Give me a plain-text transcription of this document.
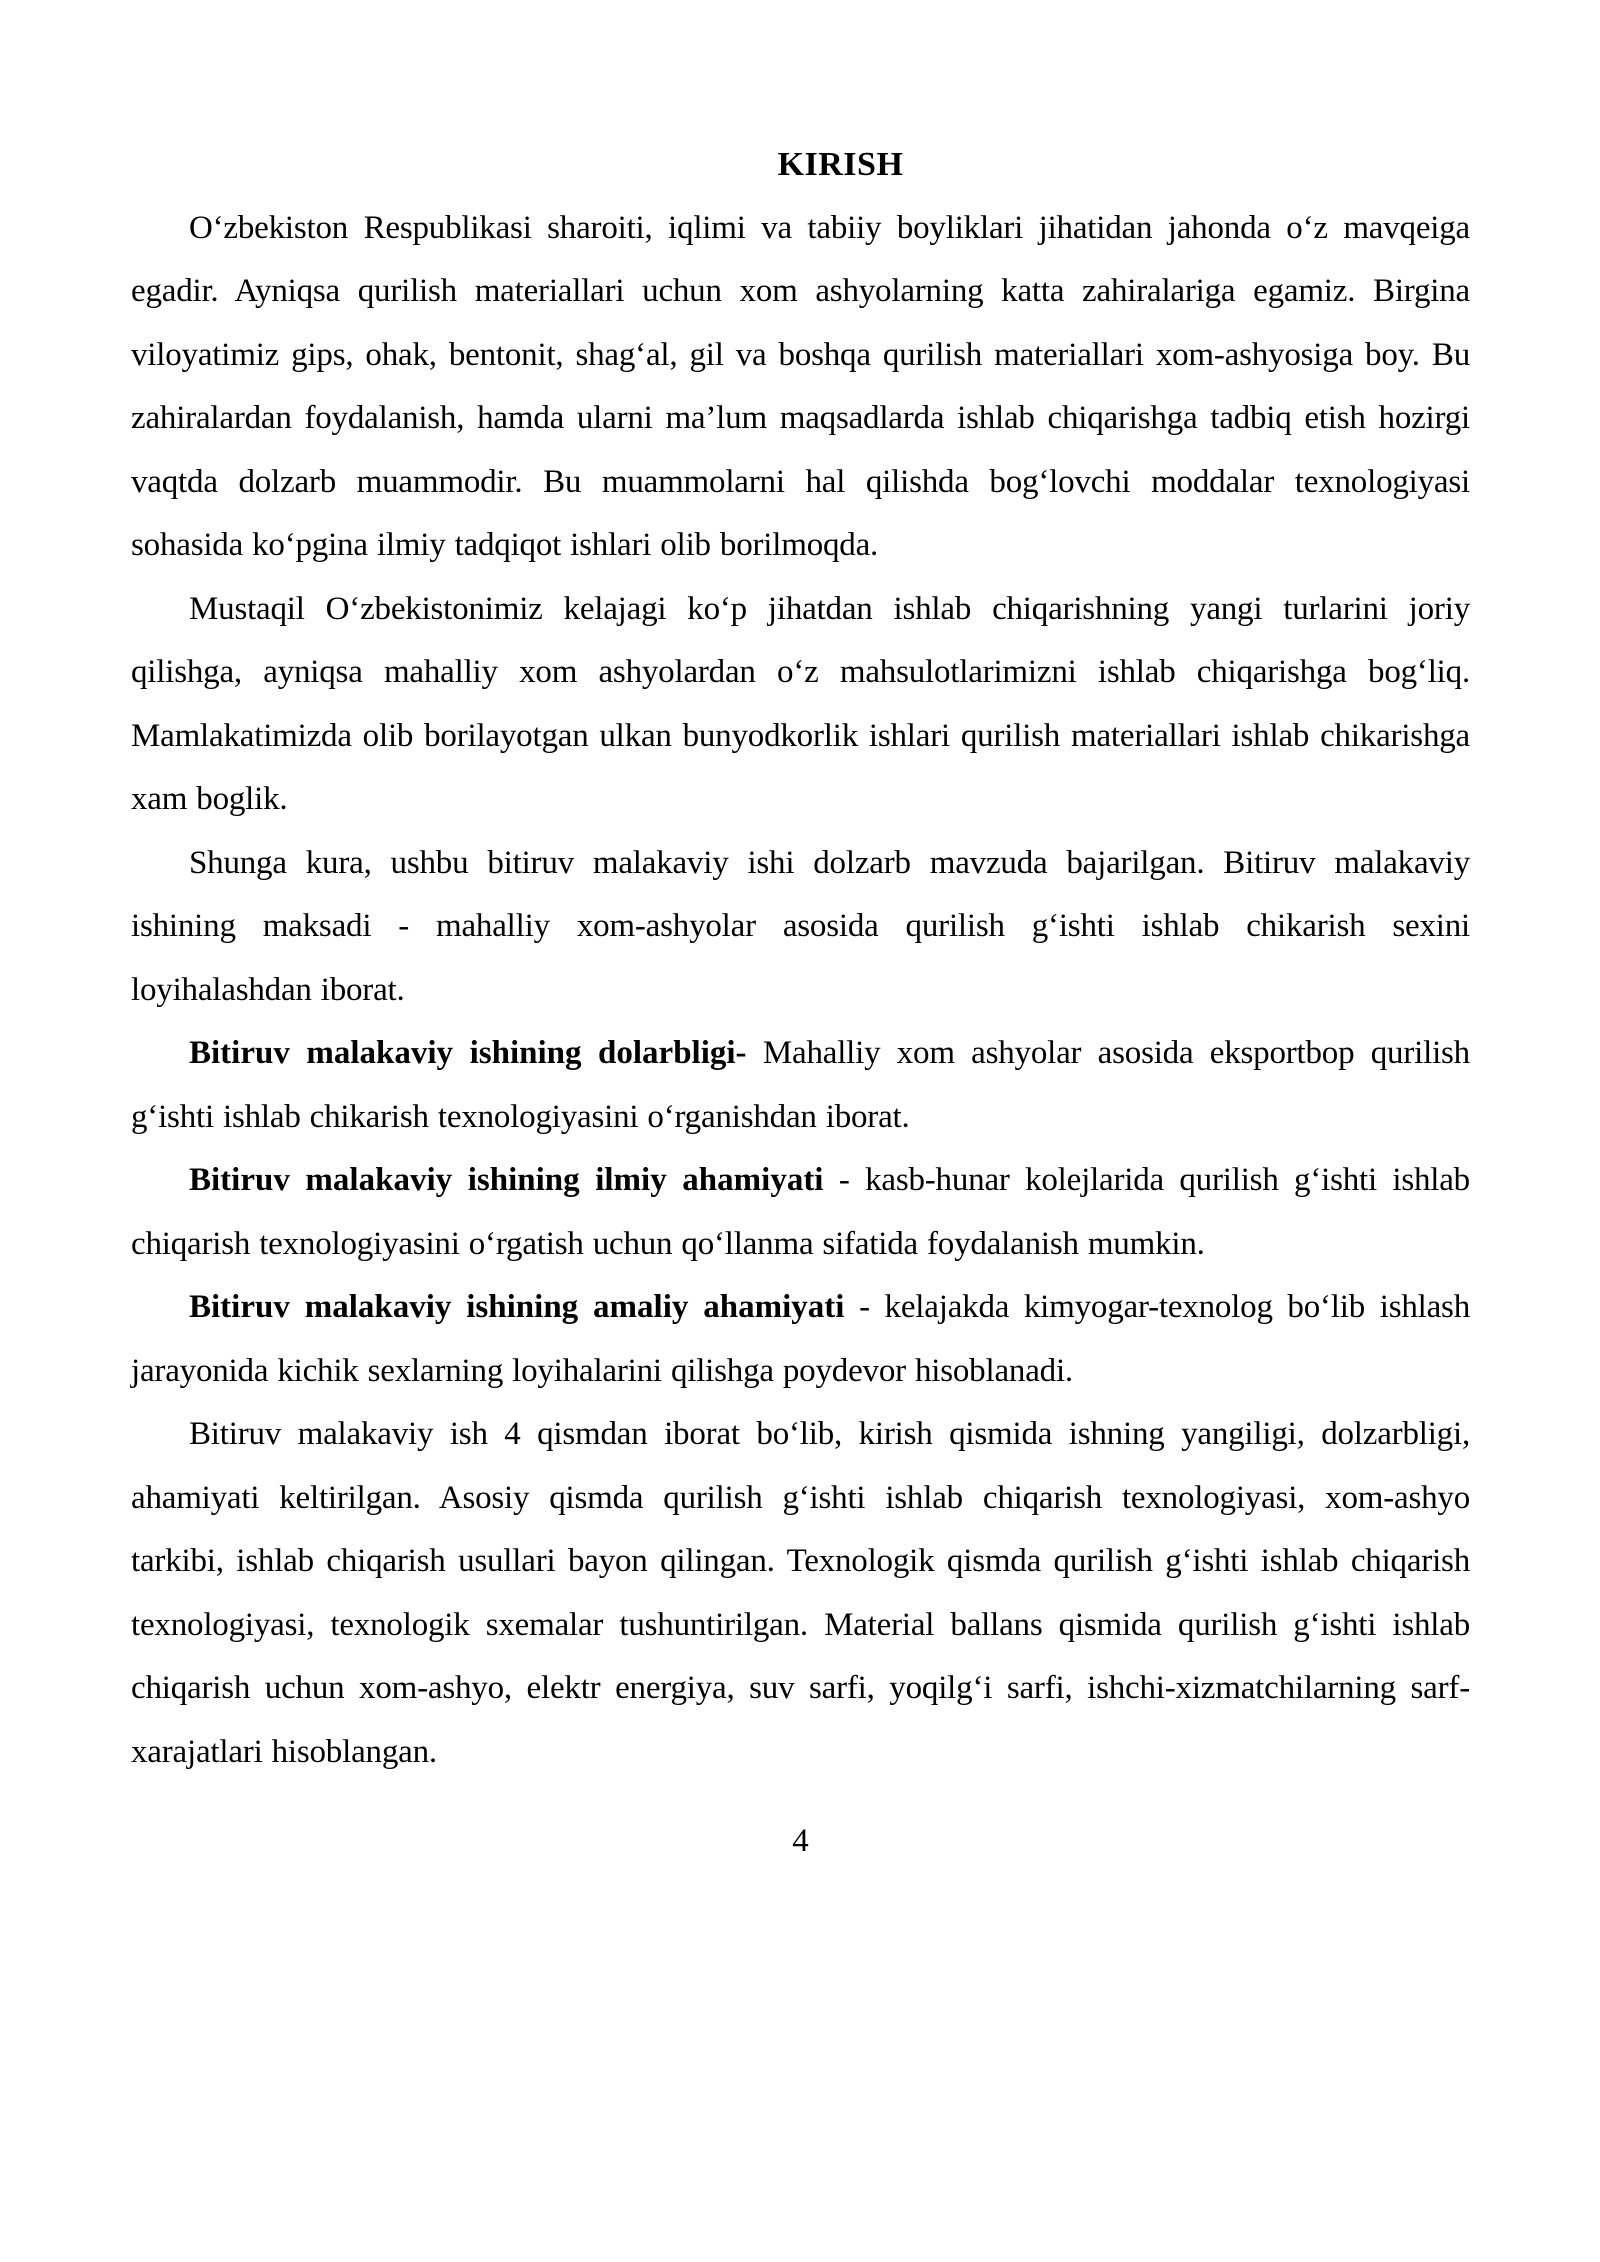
KIRISH

O‘zbekiston Respublikasi sharoiti, iqlimi va tabiiy boyliklari jihatidan jahonda o‘z mavqeiga egadir. Ayniqsa qurilish materiallari uchun xom ashyolarning katta zahiralariga egamiz. Birgina viloyatimiz gips, ohak, bentonit, shag‘al, gil va boshqa qurilish materiallari xom-ashyosiga boy. Bu zahiralardan foydalanish, hamda ularni ma’lum maqsadlarda ishlab chiqarishga tadbiq etish hozirgi vaqtda dolzarb muammodir. Bu muammolarni hal qilishda bog‘lovchi moddalar texnologiyasi sohasida ko‘pgina ilmiy tadqiqot ishlari olib borilmoqda.

Mustaqil O‘zbekistonimiz kelajagi ko‘p jihatdan ishlab chiqarishning yangi turlarini joriy qilishga, ayniqsa mahalliy xom ashyolardan o‘z mahsulotlarimizni ishlab chiqarishga bog‘liq. Mamlakatimizda olib borilayotgan ulkan bunyodkorlik ishlari qurilish materiallari ishlab chikarishga xam boglik.

Shunga kura, ushbu bitiruv malakaviy ishi dolzarb mavzuda bajarilgan. Bitiruv malakaviy ishining maksadi - mahalliy xom-ashyolar asosida qurilish g‘ishti ishlab chikarish sexini loyihalashdan iborat.

Bitiruv malakaviy ishining dolarbligi- Mahalliy xom ashyolar asosida eksportbop qurilish g‘ishti ishlab chikarish texnologiyasini o‘rganishdan iborat.

Bitiruv malakaviy ishining ilmiy ahamiyati - kasb-hunar kolejlarida qurilish g‘ishti ishlab chiqarish texnologiyasini o‘rgatish uchun qo‘llanma sifatida foydalanish mumkin.

Bitiruv malakaviy ishining amaliy ahamiyati - kelajakda kimyogar-texnolog bo‘lib ishlash jarayonida kichik sexlarning loyihalarini qilishga poydevor hisoblanadi.

Bitiruv malakaviy ish 4 qismdan iborat bo‘lib, kirish qismida ishning yangiligi, dolzarbligi, ahamiyati keltirilgan. Asosiy qismda qurilish g‘ishti ishlab chiqarish texnologiyasi, xom-ashyo tarkibi, ishlab chiqarish usullari bayon qilingan. Texnologik qismda qurilish g‘ishti ishlab chiqarish texnologiyasi, texnologik sxemalar tushuntirilgan. Material ballans qismida qurilish g‘ishti ishlab chiqarish uchun xom-ashyo, elektr energiya, suv sarfi, yoqilg‘i sarfi, ishchi-xizmatchilarning sarf-xarajatlari hisoblangan.

4
